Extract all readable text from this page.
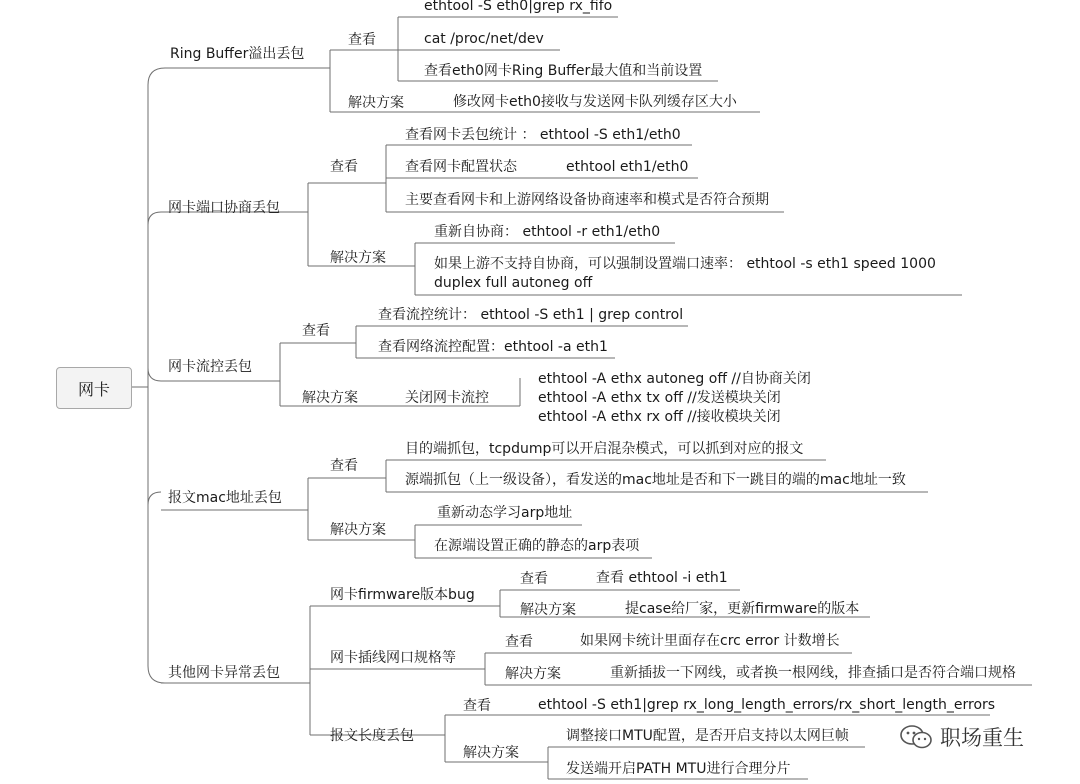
网卡
Ring Buffer溢出丢包
查看
ethtool -S eth0|grep rx_fifo
cat /proc/net/dev
查看eth0网卡Ring Buffer最大值和当前设置
解决方案	修改网卡eth0接收与发送网卡队列缓存区大小
网卡端口协商丢包
查看
查看网卡丢包统计 ： ethtool -S eth1/eth0
查看网卡配置状态	ethtool eth1/eth0
主要查看网卡和上游网络设备协商速率和模式是否符合预期
解决方案
重新自协商： ethtool -r eth1/eth0
如果上游不支持自协商，可以强制设置端口速率： ethtool -s eth1 speed 1000
duplex full autoneg off
网卡流控丢包
查看
查看流控统计： ethtool -S eth1 | grep control
查看网络流控配置：ethtool -a eth1
解决方案	关闭网卡流控
ethtool -A ethx autoneg off //自协商关闭
ethtool -A ethx tx off //发送模块关闭
ethtool -A ethx rx off //接收模块关闭
报文mac地址丢包
查看
目的端抓包，tcpdump可以开启混杂模式，可以抓到对应的报文
源端抓包（上一级设备），看发送的mac地址是否和下一跳目的端的mac地址一致
解决方案
重新动态学习arp地址
在源端设置正确的静态的arp表项
其他网卡异常丢包
网卡firmware版本bug
查看	查看 ethtool -i eth1
解决方案	提case给厂家，更新firmware的版本
网卡插线网口规格等
查看	如果网卡统计里面存在crc error 计数增长
解决方案	重新插拔一下网线，或者换一根网线，排查插口是否符合端口规格
报文长度丢包
查看	ethtool -S eth1|grep rx_long_length_errors/rx_short_length_errors
解决方案
调整接口MTU配置，是否开启支持以太网巨帧
发送端开启PATH MTU进行合理分片
职场重生
